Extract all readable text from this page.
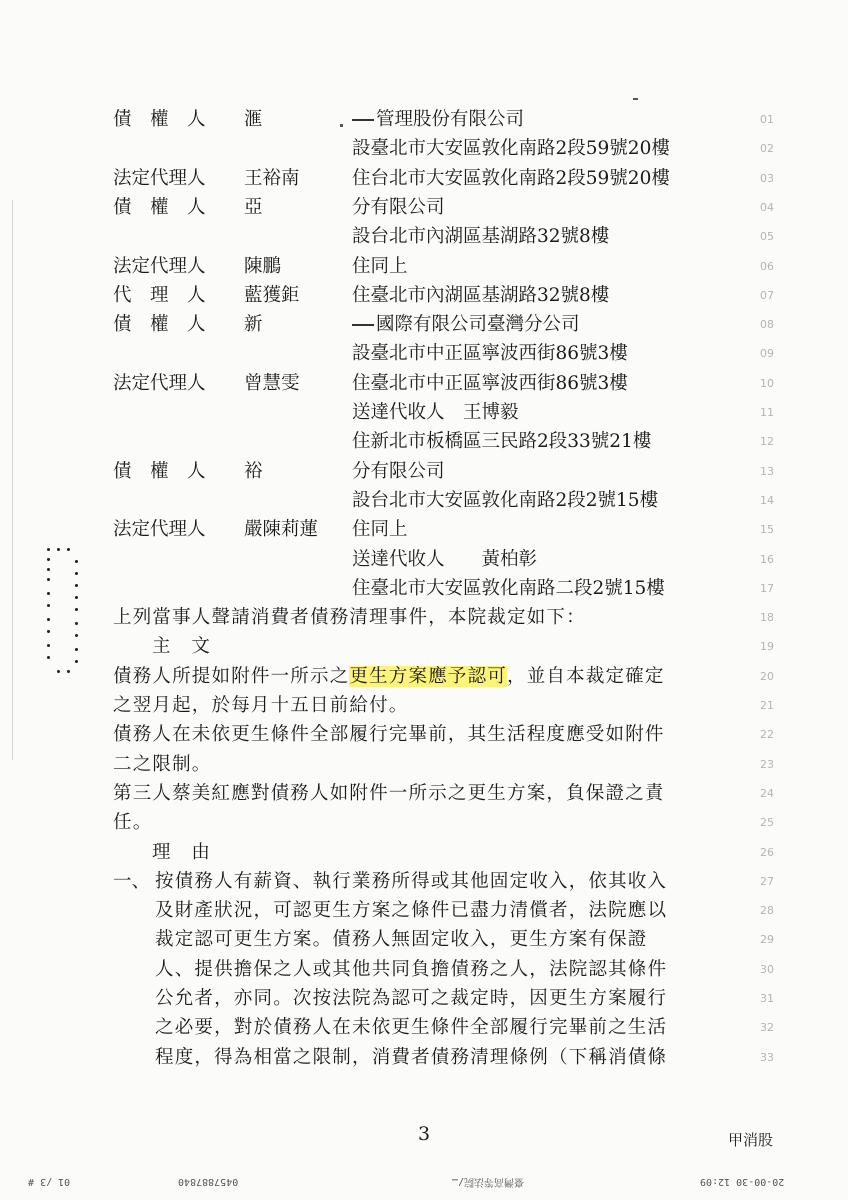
債　權　人 滙	管理股份有限公司	01
設臺北市大安區敦化南路2段59號20樓	02
法定代理人 王裕南	住台北市大安區敦化南路2段59號20樓	03
債　權　人 亞	分有限公司	04
設台北市內湖區基湖路32號8樓	05
法定代理人 陳鵬	住同上	06
代　理　人 藍獲鉅	住臺北市內湖區基湖路32號8樓	07
債　權　人 新	國際有限公司臺灣分公司	08
設臺北市中正區寧波西街86號3樓	09
法定代理人 曾慧雯	住臺北市中正區寧波西街86號3樓	10
送達代收人　王博毅	11
住新北市板橋區三民路2段33號21樓	12
債　權　人 裕	分有限公司	13
設台北市大安區敦化南路2段2號15樓	14
法定代理人 嚴陳莉蓮 住同上	15
送達代收人　　黃柏彰	16
住臺北市大安區敦化南路二段2號15樓	17
上列當事人聲請消費者債務清理事件，本院裁定如下：	18
主　文	19
債務人所提如附件一所示之更生方案應予認可，並自本裁定確定	20
之翌月起，於每月十五日前給付。	21
債務人在未依更生條件全部履行完畢前，其生活程度應受如附件	22
二之限制。	23
第三人蔡美紅應對債務人如附件一所示之更生方案，負保證之責	24
任。	25
理　由	26
一、 按債務人有薪資、執行業務所得或其他固定收入，依其收入	27
及財產狀況，可認更生方案之條件已盡力清償者，法院應以	28
裁定認可更生方案。債務人無固定收入，更生方案有保證	29
人、提供擔保之人或其他共同負擔債務之人，法院認其條件	30
公允者，亦同。次按法院為認可之裁定時，因更生方案履行	31
之必要，對於債務人在未依更生條件全部履行完畢前之生活	32
程度，得為相當之限制，消費者債務清理條例（下稱消債條	33
3	甲消股
01 /3 #	0457887840	臺灣高等法院/…	20-00-30 12:09
